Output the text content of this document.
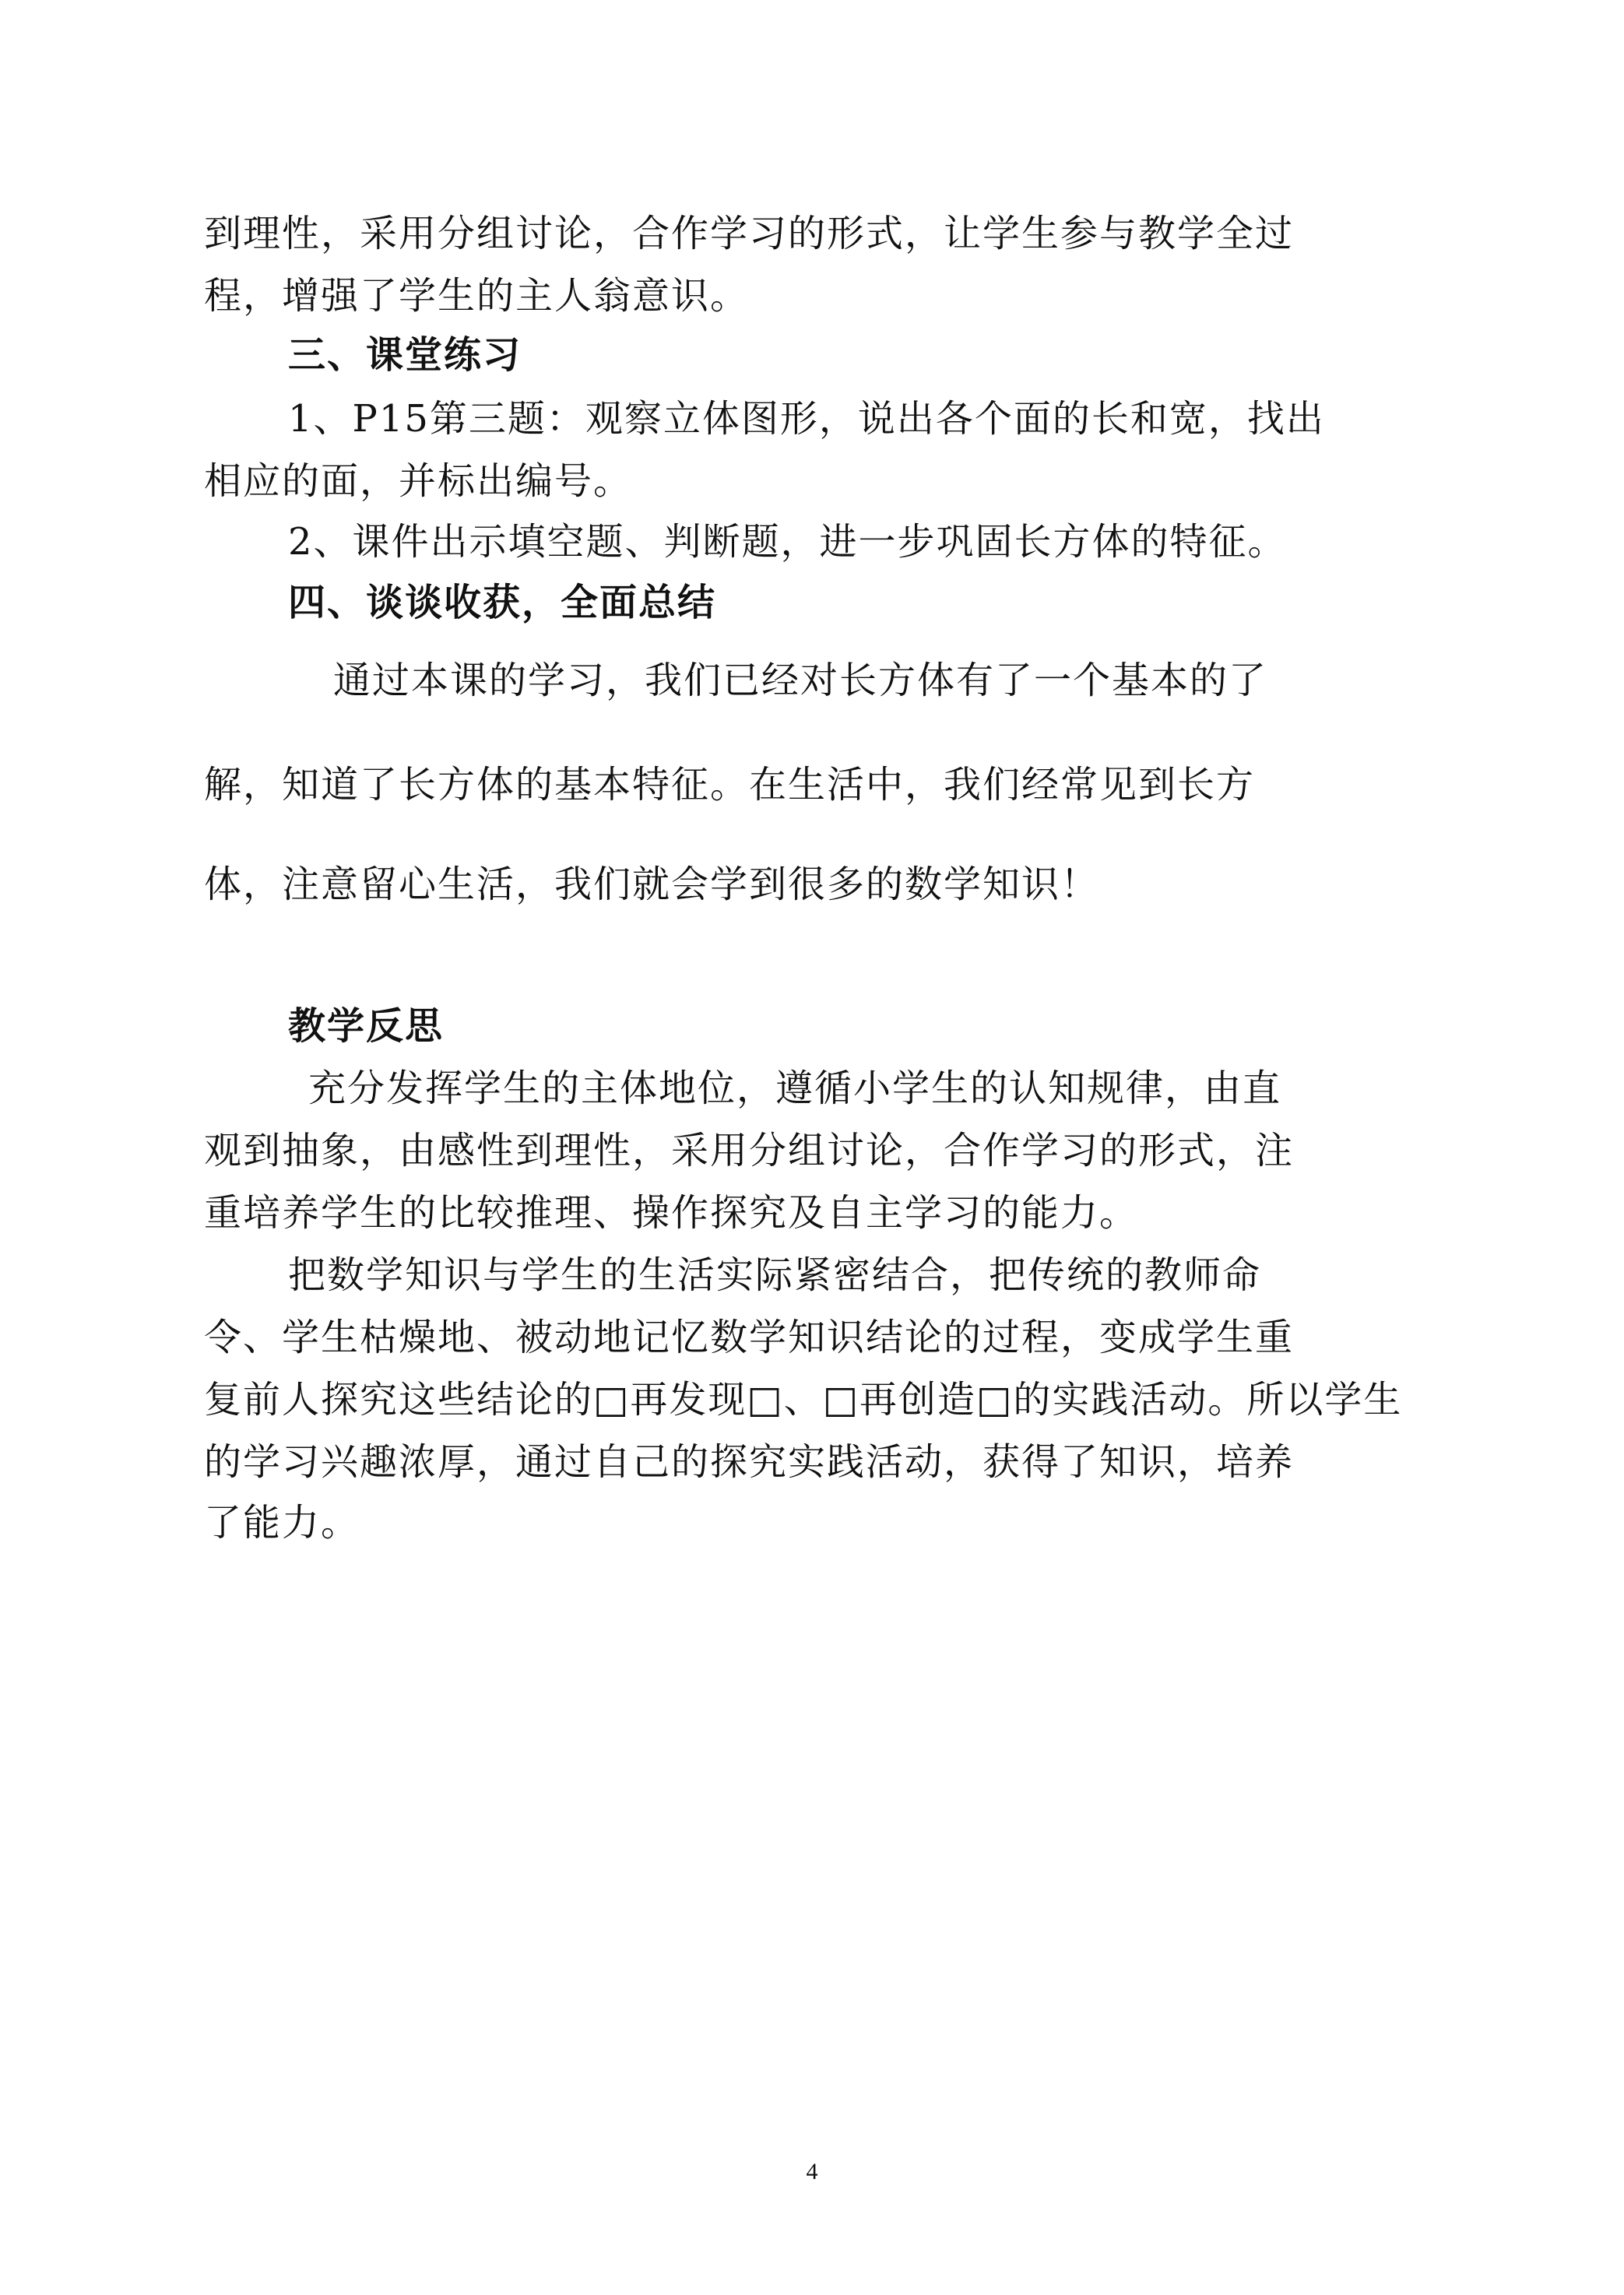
到理性，采用分组讨论，合作学习的形式，让学生参与教学全过
程，增强了学生的主人翁意识。
三、课堂练习
1、P15第三题：观察立体图形，说出各个面的长和宽，找出
相应的面，并标出编号。
2、课件出示填空题、判断题，进一步巩固长方体的特征。
四、谈谈收获，全面总结
通过本课的学习，我们已经对长方体有了一个基本的了
解，知道了长方体的基本特征。在生活中，我们经常见到长方
体，注意留心生活，我们就会学到很多的数学知识！
教学反思
充分发挥学生的主体地位，遵循小学生的认知规律，由直
观到抽象，由感性到理性，采用分组讨论，合作学习的形式，注
重培养学生的比较推理、操作探究及自主学习的能力。
把数学知识与学生的生活实际紧密结合，把传统的教师命
令、学生枯燥地、被动地记忆数学知识结论的过程，变成学生重
复前人探究这些结论的□再发现□、□再创造□的实践活动。所以学生
的学习兴趣浓厚，通过自己的探究实践活动，获得了知识，培养
了能力。
4
